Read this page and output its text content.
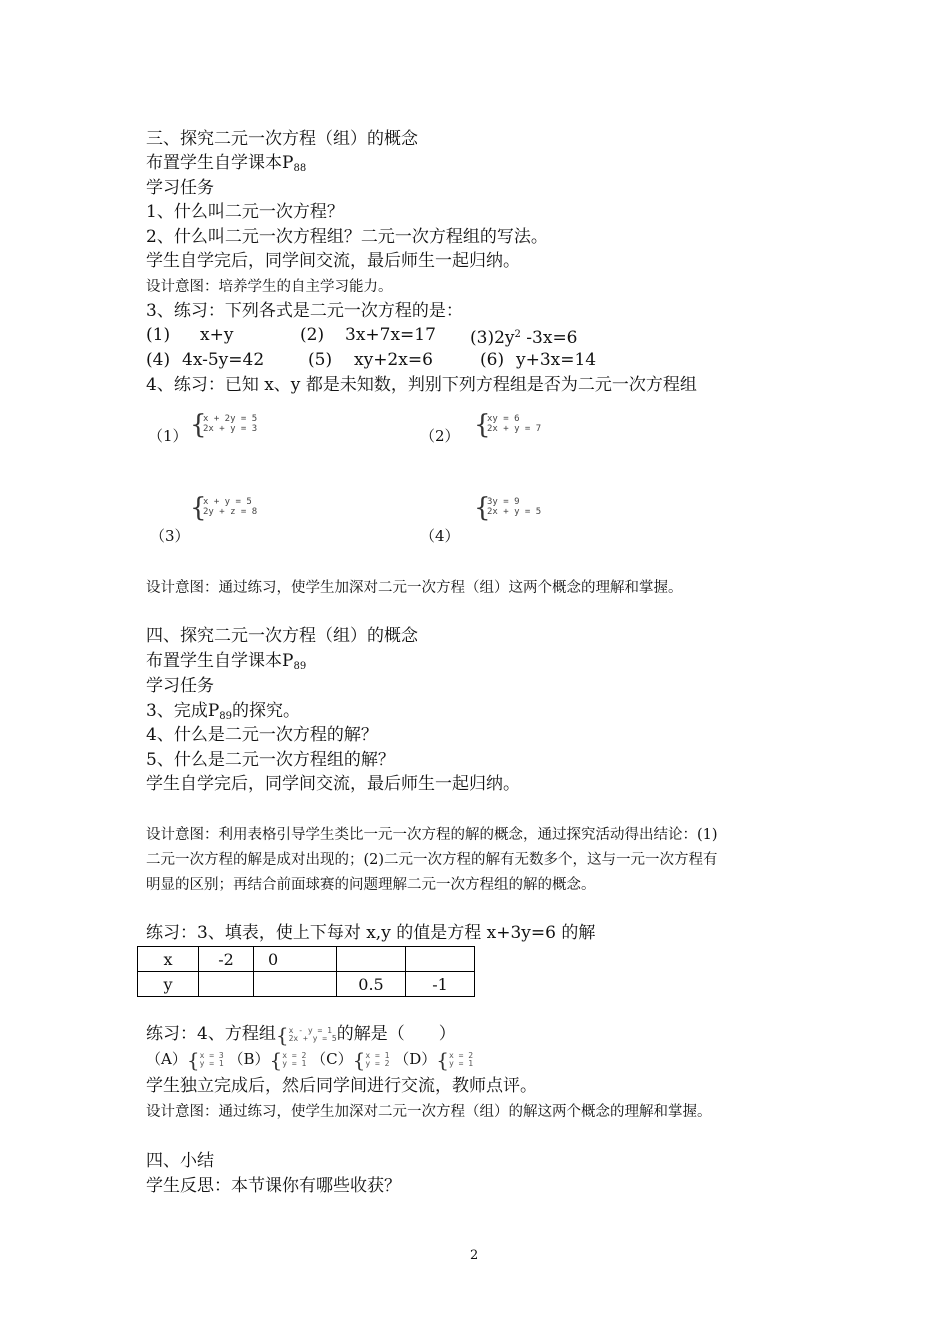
三、探究二元一次方程（组）的概念
布置学生自学课本$P_{88}$
学习任务
1、什么叫二元一次方程？
2、什么叫二元一次方程组？二元一次方程组的写法。
学生自学完后，同学间交流，最后师生一起归纳。
设计意图：培养学生的自主学习能力。
3、练习：下列各式是二元一次方程的是：
(1) x+y	(2) 3x+7x=17 $(3)2y^2$ -3x=6
(4) 4x-5y=42	(5) xy+2x=6	(6) y+3x=14
4、练习：已知 x、y 都是未知数，判别下列方程组是否为二元一次方程组
（1） {
x + 2y = 5
2x + y = 3	（2） {
xy = 6
2x + y = 7
{
x + y = 5
2y + z = 8
（3）
{
3y = 9
2x + y = 5
（4）
设计意图：通过练习，使学生加深对二元一次方程（组）这两个概念的理解和掌握。
四、探究二元一次方程（组）的概念
布置学生自学课本$P_{89}$
学习任务
3、完成$P_{89}$的探究。
4、什么是二元一次方程的解？
5、什么是二元一次方程组的解？
学生自学完后，同学间交流，最后师生一起归纳。
设计意图：利用表格引导学生类比一元一次方程的解的概念，通过探究活动得出结论：(1)
二元一次方程的解是成对出现的；(2)二元一次方程的解有无数多个，这与一元一次方程有
明显的区别；再结合前面球赛的问题理解二元一次方程组的解的概念。
练习：3、填表，使上下每对 x,y 的值是方程 x+3y=6 的解
x	-2	0		
y			0.5	-1
练习：4、方程组{ x - y = 1
2x + y = 5 的解是（　　）
（A）{ x = 3
y = 1 （B）{ x = 2
y = 1 （C）{ x = 1
y = 2 （D）{ x = 2
y = 1
学生独立完成后，然后同学间进行交流，教师点评。
设计意图：通过练习，使学生加深对二元一次方程（组）的解这两个概念的理解和掌握。
四、小结
学生反思：本节课你有哪些收获？
2
